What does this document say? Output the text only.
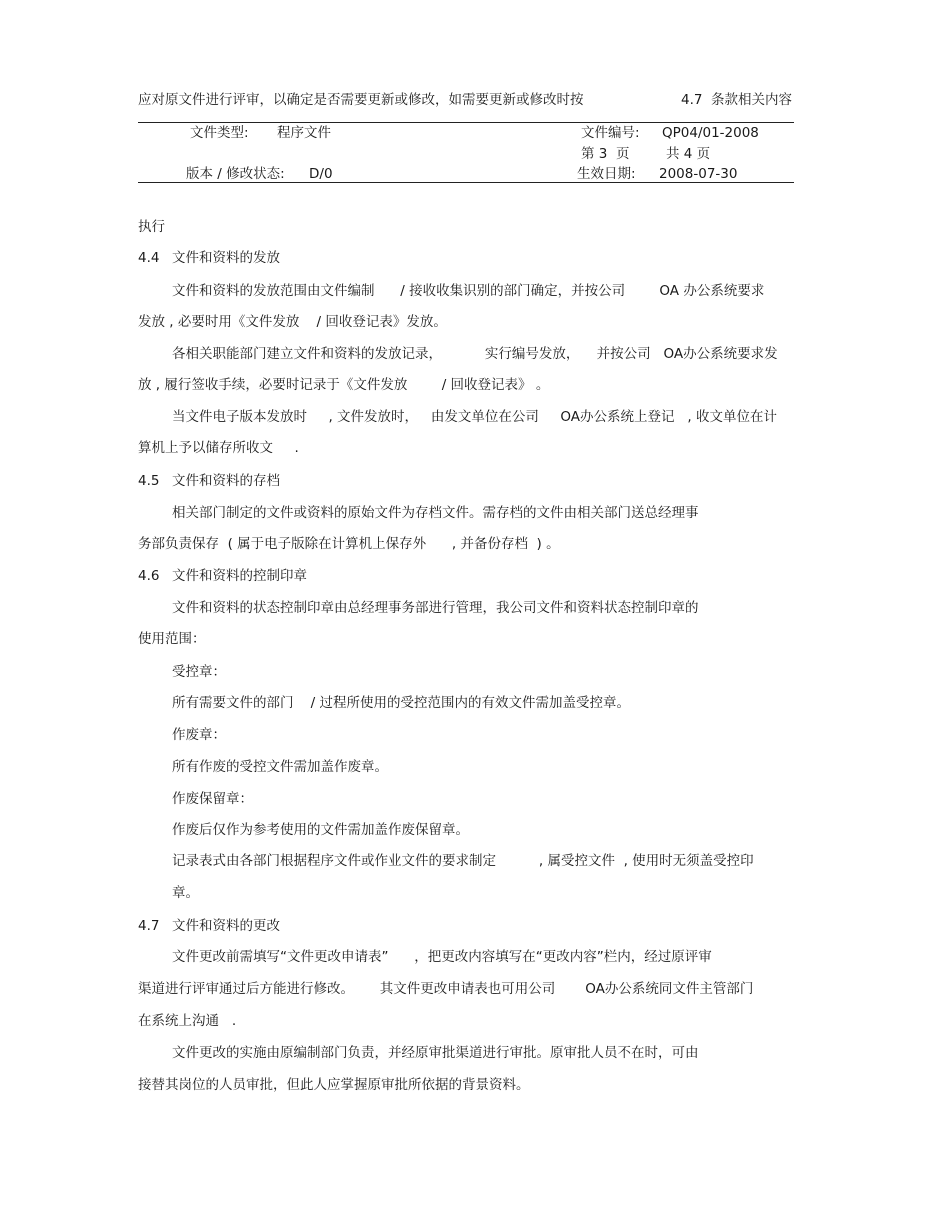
应对原文件进行评审，以确定是否需要更新或修改，如需要更新或修改时按	4.7  条款相关内容
文件类型: 程序文件	文件编号: QP04/01-2008
第 3  页	共 4 页
版本 / 修改状态: D/0	生效日期: 2008-07-30
执行
4.4 文件和资料的发放
文件和资料的发放范围由文件编制      / 接收收集识别的部门确定，并按公司        OA 办公系统要求
发放 , 必要时用《文件发放    / 回收登记表》发放。
各相关职能部门建立文件和资料的发放记录，          实行编号发放，    并按公司   OA办公系统要求发
放 , 履行签收手续，必要时记录于《文件发放        / 回收登记表》 。
当文件电子版本发放时     , 文件发放时，   由发文单位在公司     OA办公系统上登记   , 收文单位在计
算机上予以储存所收文     .
4.5 文件和资料的存档
相关部门制定的文件或资料的原始文件为存档文件。需存档的文件由相关部门送总经理事
务部负责保存  ( 属于电子版除在计算机上保存外      , 并备份存档  ) 。
4.6 文件和资料的控制印章
文件和资料的状态控制印章由总经理事务部进行管理，我公司文件和资料状态控制印章的
使用范围：
受控章：
所有需要文件的部门    / 过程所使用的受控范围内的有效文件需加盖受控章。
作废章：
所有作废的受控文件需加盖作废章。
作废保留章：
作废后仅作为参考使用的文件需加盖作废保留章。
记录表式由各部门根据程序文件或作业文件的要求制定          , 属受控文件  , 使用时无须盖受控印
章。
4.7 文件和资料的更改
文件更改前需填写“文件更改申请表”      ，把更改内容填写在“更改内容”栏内，经过原评审
渠道进行评审通过后方能进行修改。      其文件更改申请表也可用公司       OA办公系统同文件主管部门
在系统上沟通   .
文件更改的实施由原编制部门负责，并经原审批渠道进行审批。原审批人员不在时，可由
接替其岗位的人员审批，但此人应掌握原审批所依据的背景资料。
